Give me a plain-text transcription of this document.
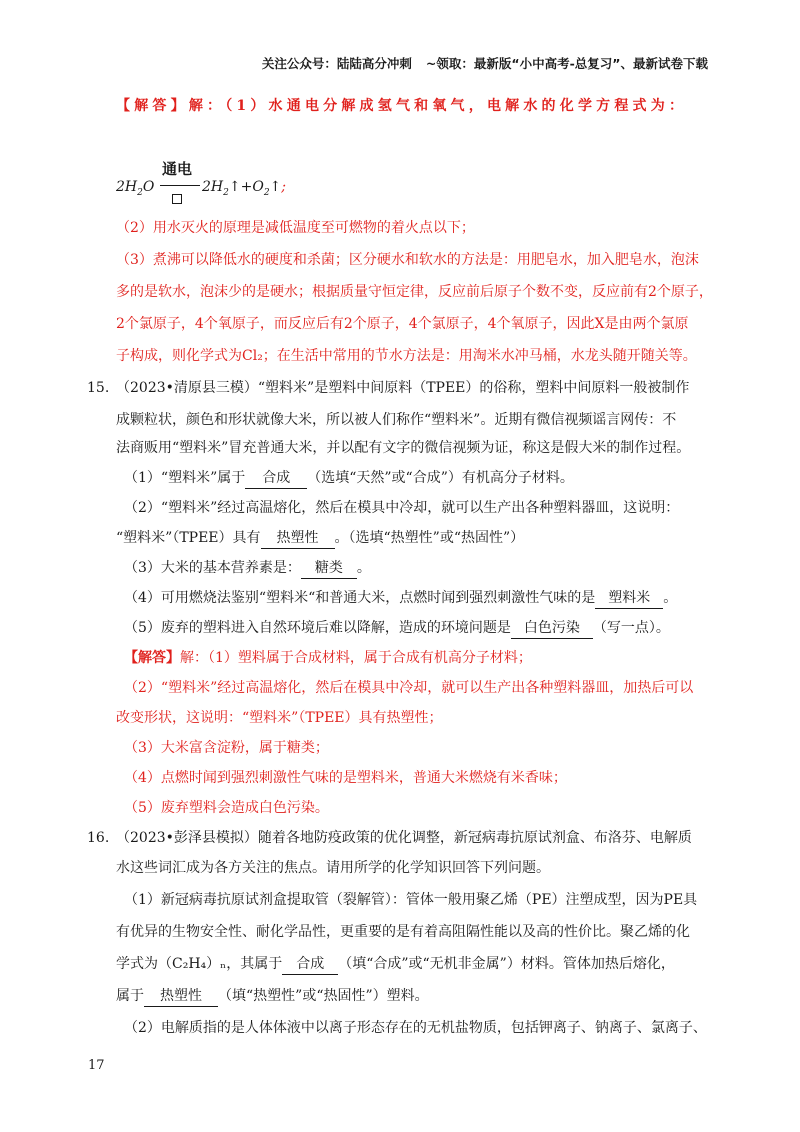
关注公众号：陆陆高分冲刺 ~领取：最新版“小中高考-总复习”、最新试卷下载
【解答】解：（1）水通电分解成氢气和氧气，电解水的化学方程式为：
通电
$2H_2O$	$2H_2↑+O_2↑$;
（2）用水灭火的原理是减低温度至可燃物的着火点以下；
（3）煮沸可以降低水的硬度和杀菌；区分硬水和软水的方法是：用肥皂水，加入肥皂水，泡沫
多的是软水，泡沫少的是硬水；根据质量守恒定律，反应前后原子个数不变，反应前有2个原子，
2个氯原子，4个氧原子，而反应后有2个原子，4个氯原子，4个氧原子，因此X是由两个氯原
子构成，则化学式为Cl₂；在生活中常用的节水方法是：用淘米水冲马桶，水龙头随开随关等。
15. （2023•清原县三模）“塑料米”是塑料中间原料（TPEE）的俗称，塑料中间原料一般被制作
成颗粒状，颜色和形状就像大米，所以被人们称作“塑料米”。近期有微信视频谣言网传：不
法商贩用“塑料米”冒充普通大米，并以配有文字的微信视频为证，称这是假大米的制作过程。
（1）“塑料米”属于 合成 （选填“天然”或“合成”）有机高分子材料。
（2）“塑料米”经过高温熔化，然后在模具中冷却，就可以生产出各种塑料器皿，这说明：
“塑料米”（TPEE）具有 热塑性 。（选填“热塑性”或“热固性”）
（3）大米的基本营养素是： 糖类 。
（4）可用燃烧法鉴别“塑料米“和普通大米，点燃时闻到强烈刺激性气味的是 塑料米 。
（5）废弃的塑料进入自然环境后难以降解，造成的环境问题是 白色污染 （写一点）。
【解答】解：（1）塑料属于合成材料，属于合成有机高分子材料；
（2）“塑料米”经过高温熔化，然后在模具中冷却，就可以生产出各种塑料器皿，加热后可以
改变形状，这说明：“塑料米”（TPEE）具有热塑性；
（3）大米富含淀粉，属于糖类；
（4）点燃时闻到强烈刺激性气味的是塑料米，普通大米燃烧有米香味；
（5）废弃塑料会造成白色污染。
16. （2023•彭泽县模拟）随着各地防疫政策的优化调整，新冠病毒抗原试剂盒、布洛芬、电解质
水这些词汇成为各方关注的焦点。请用所学的化学知识回答下列问题。
（1）新冠病毒抗原试剂盒提取管（裂解管）：管体一般用聚乙烯（PE）注塑成型，因为PE具
有优异的生物安全性、耐化学品性，更重要的是有着高阻隔性能以及高的性价比。聚乙烯的化
学式为（C₂H₄）ₙ，其属于 合成 （填“合成”或“无机非金属”）材料。管体加热后熔化，
属于 热塑性 （填“热塑性”或“热固性”）塑料。
（2）电解质指的是人体体液中以离子形态存在的无机盐物质，包括钾离子、钠离子、氯离子、
17
